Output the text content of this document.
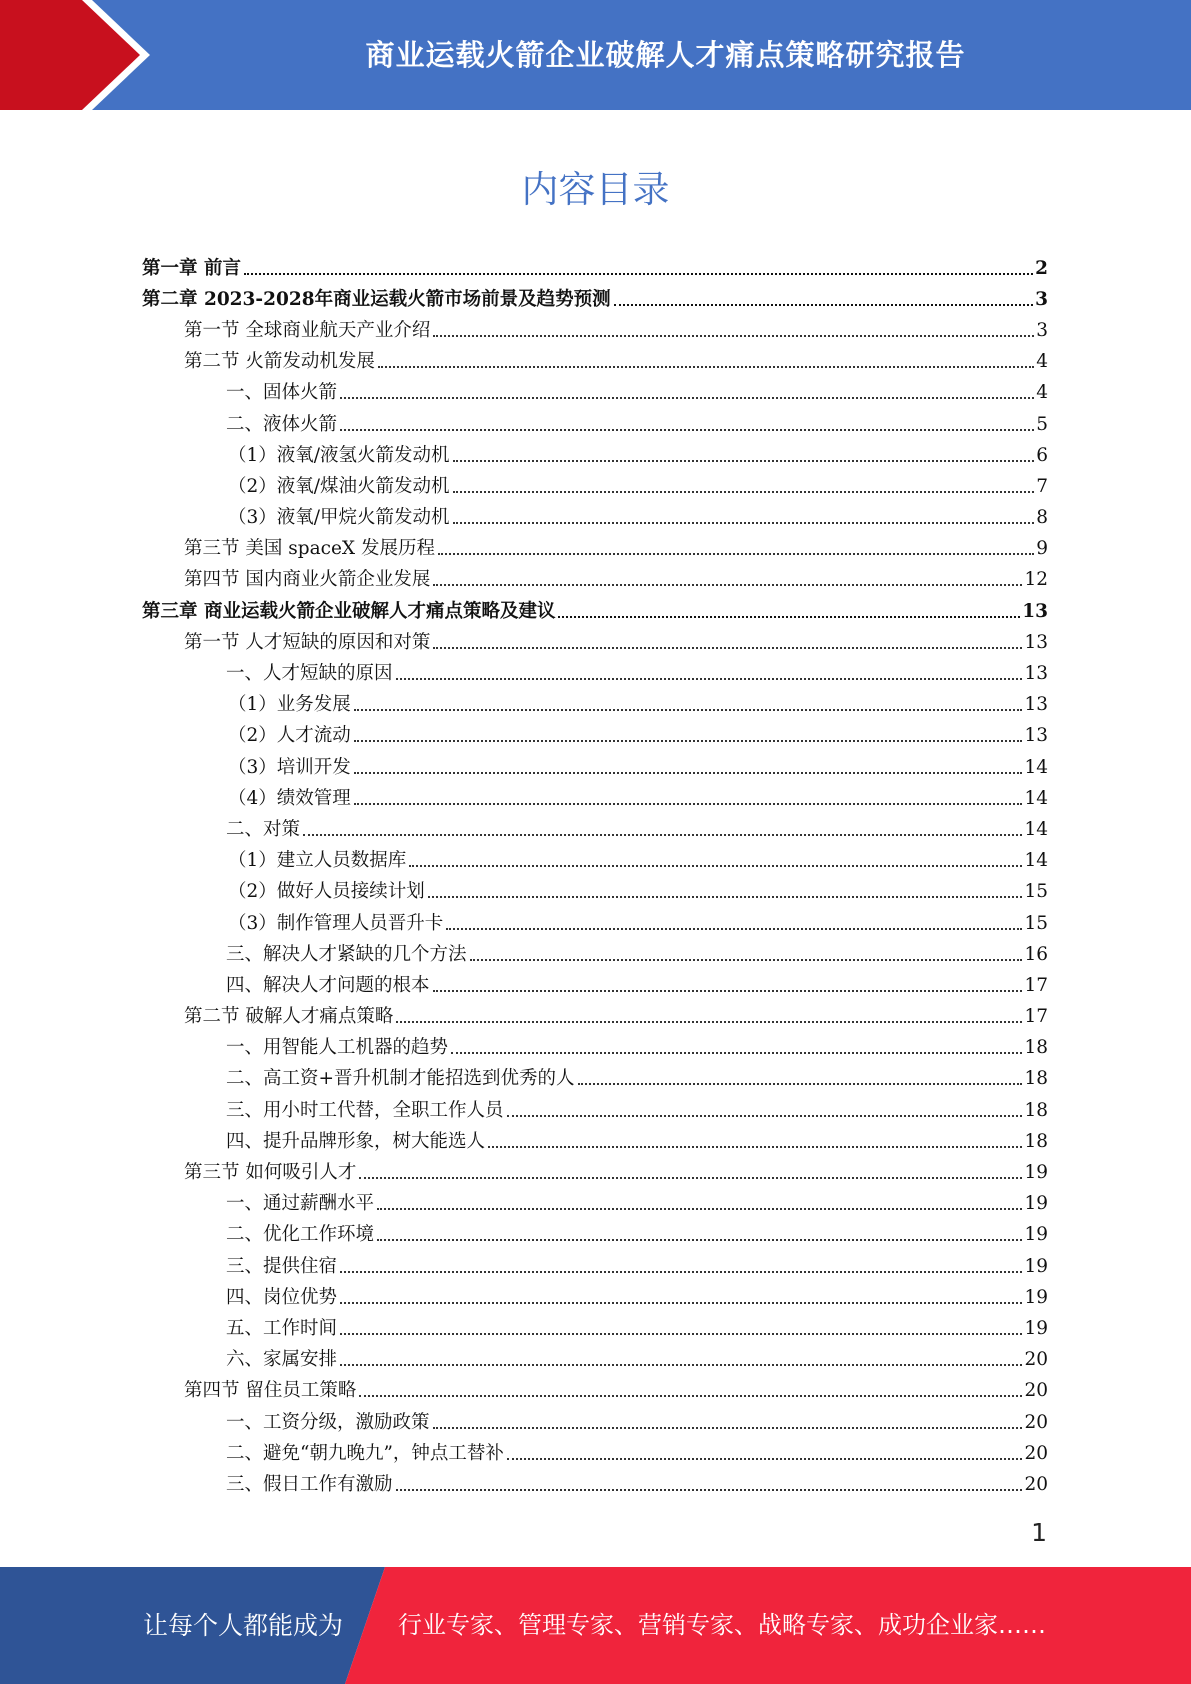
商业运载火箭企业破解人才痛点策略研究报告
内容目录
第一章 前言	2
第二章 2023-2028年商业运载火箭市场前景及趋势预测	3
第一节 全球商业航天产业介绍	3
第二节 火箭发动机发展	4
一、固体火箭	4
二、液体火箭	5
（1）液氧/液氢火箭发动机	6
（2）液氧/煤油火箭发动机	7
（3）液氧/甲烷火箭发动机	8
第三节 美国 spaceX 发展历程	9
第四节 国内商业火箭企业发展	12
第三章 商业运载火箭企业破解人才痛点策略及建议	13
第一节 人才短缺的原因和对策	13
一、人才短缺的原因	13
（1）业务发展	13
（2）人才流动	13
（3）培训开发	14
（4）绩效管理	14
二、对策	14
（1）建立人员数据库	14
（2）做好人员接续计划	15
（3）制作管理人员晋升卡	15
三、解决人才紧缺的几个方法	16
四、解决人才问题的根本	17
第二节 破解人才痛点策略	17
一、用智能人工机器的趋势	18
二、高工资+晋升机制才能招选到优秀的人	18
三、用小时工代替，全职工作人员	18
四、提升品牌形象，树大能选人	18
第三节 如何吸引人才	19
一、通过薪酬水平	19
二、优化工作环境	19
三、提供住宿	19
四、岗位优势	19
五、工作时间	19
六、家属安排	20
第四节 留住员工策略	20
一、工资分级，激励政策	20
二、避免“朝九晚九”，钟点工替补	20
三、假日工作有激励	20
1
让每个人都能成为 行业专家、管理专家、营销专家、战略专家、成功企业家……
